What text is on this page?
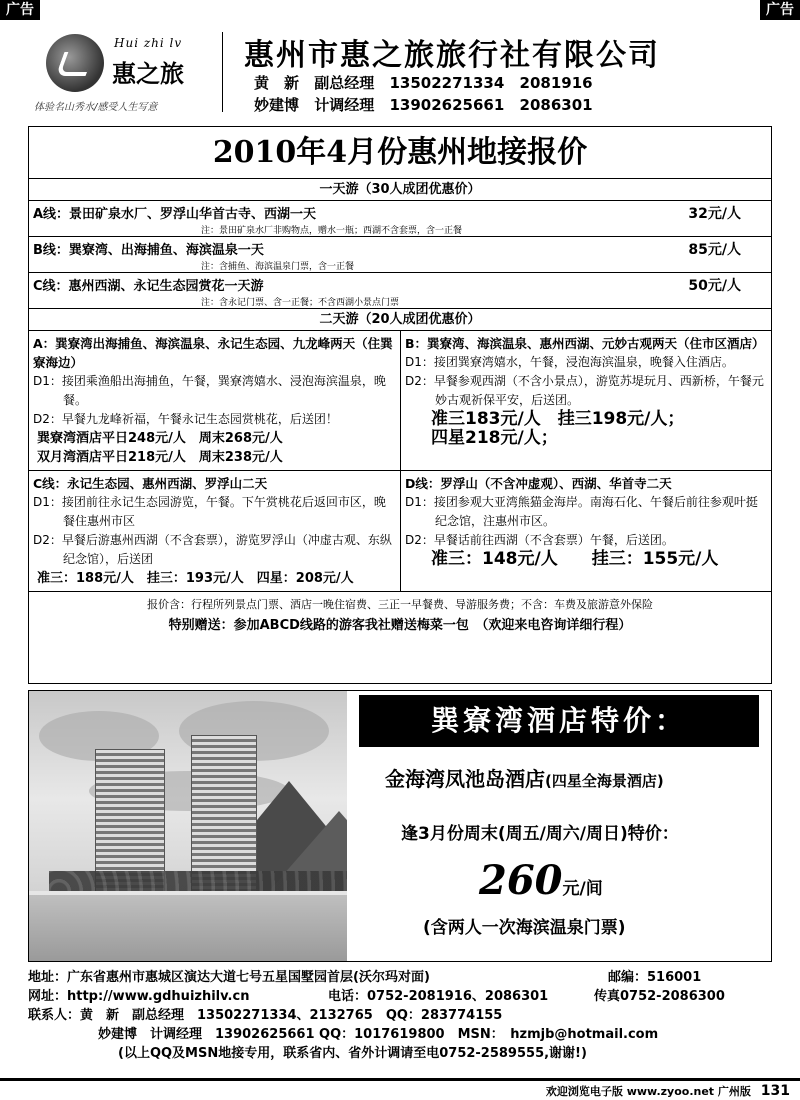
广告	广告
Hui zhi lv
惠之旅
体验名山秀水/感受人生写意
惠州市惠之旅旅行社有限公司
黄　新 副总经理 13502271334 2081916
妙建博 计调经理 13902625661 2086301
2010年4月份惠州地接报价
一天游（30人成团优惠价）
A线：景田矿泉水厂、罗浮山华首古寺、西湖一天	32元/人
注：景田矿泉水厂非购物点，赠水一瓶；西湖不含套票，含一正餐
B线：巽寮湾、出海捕鱼、海滨温泉一天	85元/人
注：含捕鱼、海滨温泉门票，含一正餐
C线：惠州西湖、永记生态园赏花一天游	50元/人
注：含永记门票、含一正餐；不含西湖小景点门票
二天游（20人成团优惠价）
A：巽寮湾出海捕鱼、海滨温泉、永记生态园、九龙峰两天（住巽寮海边）
D1：接团乘渔船出海捕鱼，午餐，巽寮湾嬉水、浸泡海滨温泉，晚餐。
D2：早餐九龙峰祈福，午餐永记生态园赏桃花，后送团！
巽寮湾酒店平日248元/人　周末268元/人
双月湾酒店平日218元/人　周末238元/人
B：巽寮湾、海滨温泉、惠州西湖、元妙古观两天（住市区酒店）
D1：接团巽寮湾嬉水，午餐，浸泡海滨温泉，晚餐入住酒店。
D2：早餐参观西湖（不含小景点），游览苏堤玩月、西新桥，午餐元妙古观祈保平安，后送团。
准三183元/人　挂三198元/人；
四星218元/人；
C线：永记生态园、惠州西湖、罗浮山二天
D1：接团前往永记生态园游览，午餐。下午赏桃花后返回市区，晚餐住惠州市区
D2：早餐后游惠州西湖（不含套票），游览罗浮山（冲虚古观、东纵纪念馆），后送团
准三：188元/人　挂三：193元/人　四星：208元/人
D线：罗浮山（不含冲虚观）、西湖、华首寺二天
D1：接团参观大亚湾熊猫金海岸。南海石化、午餐后前往参观叶挺纪念馆，注惠州市区。
D2：早餐话前往西湖（不含套票）午餐，后送团。
准三：148元/人　　挂三：155元/人
报价含：行程所列景点门票、酒店一晚住宿费、三正一早餐费、导游服务费；不含：车费及旅游意外保险
特别赠送：参加ABCD线路的游客我社赠送梅菜一包　（欢迎来电咨询详细行程）
巽寮湾酒店特价：
金海湾凤池岛酒店(四星全海景酒店)
逢3月份周末(周五/周六/周日)特价：
260元/间
(含两人一次海滨温泉门票)
地址：广东省惠州市惠城区演达大道七号五星国墅园首层(沃尔玛对面)	邮编：516001
网址：http://www.gdhuizhilv.cn	电话：0752-2081916、2086301	传真0752-2086300
联系人：黄　新　副总经理　13502271334、2132765　QQ：283774155
妙建博　计调经理　13902625661 QQ：1017619800　MSN：　hzmjb@hotmail.com
(以上QQ及MSN地接专用，联系省内、省外计调请至电0752-2589555,谢谢!)
欢迎浏览电子版 www.zyoo.net 广州版 131
